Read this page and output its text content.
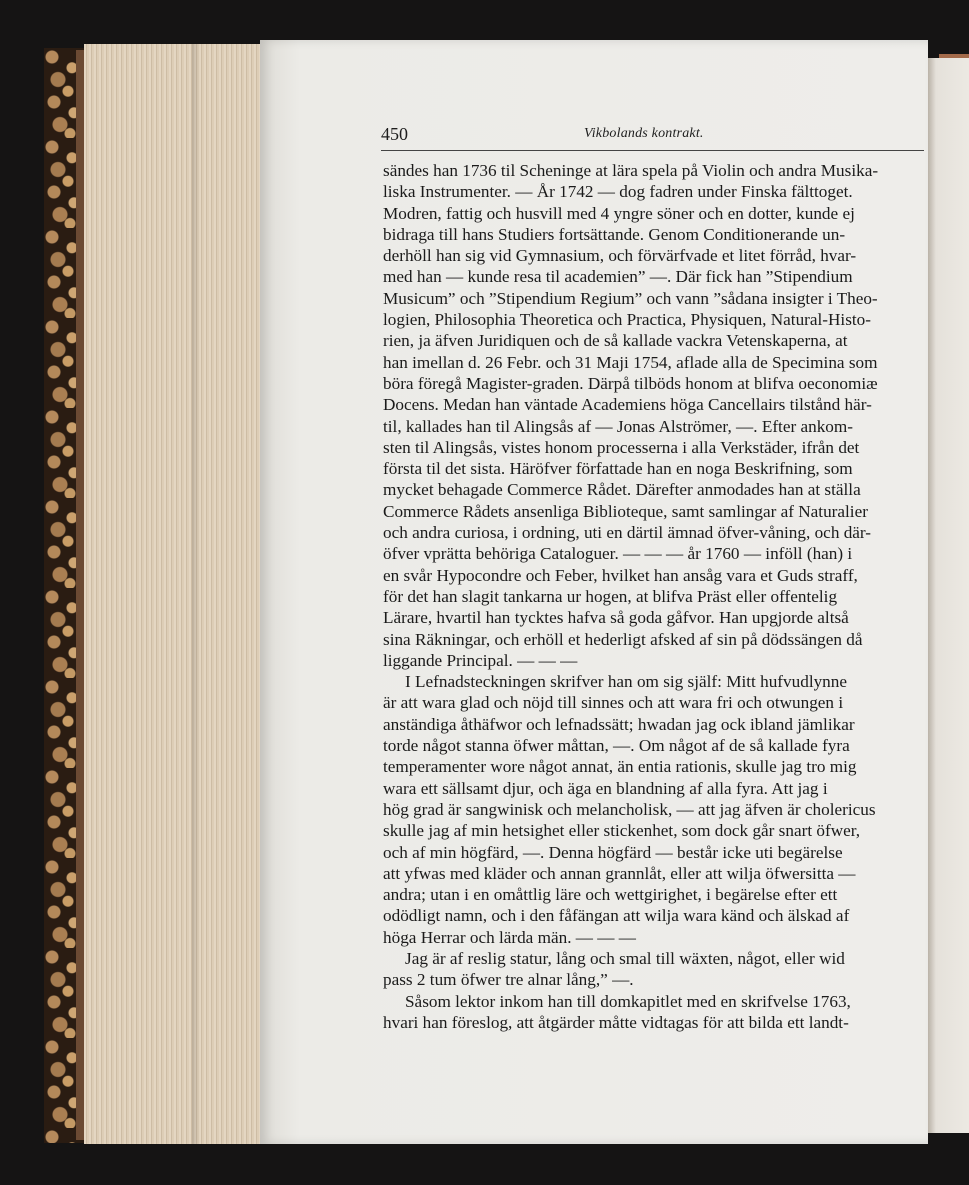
450	Vikbolands kontrakt.
sändes han 1736 til Scheninge at lära spela på Violin och andra Musika-
liska Instrumenter. — År 1742 — dog fadren under Finska fälttoget.
Modren, fattig och husvill med 4 yngre söner och en dotter, kunde ej
bidraga till hans Studiers fortsättande. Genom Conditionerande un-
derhöll han sig vid Gymnasium, och förvärfvade et litet förråd, hvar-
med han — kunde resa til academien” —. Där fick han ”Stipendium
Musicum” och ”Stipendium Regium” och vann ”sådana insigter i Theo-
logien, Philosophia Theoretica och Practica, Physiquen, Natural-Histo-
rien, ja äfven Juridiquen och de så kallade vackra Vetenskaperna, at
han imellan d. 26 Febr. och 31 Maji 1754, aflade alla de Specimina som
böra föregå Magister-graden. Därpå tilböds honom at blifva oeconomiæ
Docens. Medan han väntade Academiens höga Cancellairs tilstånd här-
til, kallades han til Alingsås af — Jonas Alströmer, —. Efter ankom-
sten til Alingsås, vistes honom processerna i alla Verkstäder, ifrån det
första til det sista. Häröfver författade han en noga Beskrifning, som
mycket behagade Commerce Rådet. Därefter anmodades han at ställa
Commerce Rådets ansenliga Biblioteque, samt samlingar af Naturalier
och andra curiosa, i ordning, uti en därtil ämnad öfver-våning, och där-
öfver vprätta behöriga Cataloguer. — — — år 1760 — inföll (han) i
en svår Hypocondre och Feber, hvilket han ansåg vara et Guds straff,
för det han slagit tankarna ur hogen, at blifva Präst eller offentelig
Lärare, hvartil han tycktes hafva så goda gåfvor. Han upgjorde altså
sina Räkningar, och erhöll et hederligt afsked af sin på dödssängen då
liggande Principal. — — —
I Lefnadsteckningen skrifver han om sig själf: Mitt hufvudlynne
är att wara glad och nöjd till sinnes och att wara fri och otwungen i
anständiga åthäfwor och lefnadssätt; hwadan jag ock ibland jämlikar
torde något stanna öfwer måttan, —. Om något af de så kallade fyra
temperamenter wore något annat, än entia rationis, skulle jag tro mig
wara ett sällsamt djur, och äga en blandning af alla fyra. Att jag i
hög grad är sangwinisk och melancholisk, — att jag äfven är cholericus
skulle jag af min hetsighet eller stickenhet, som dock går snart öfwer,
och af min högfärd, —. Denna högfärd — består icke uti begärelse
att yfwas med kläder och annan grannlåt, eller att wilja öfwersitta —
andra; utan i en omåttlig läre och wettgirighet, i begärelse efter ett
odödligt namn, och i den fåfängan att wilja wara känd och älskad af
höga Herrar och lärda män. — — —
Jag är af reslig statur, lång och smal till wäxten, något, eller wid
pass 2 tum öfwer tre alnar lång,” —.
Såsom lektor inkom han till domkapitlet med en skrifvelse 1763,
hvari han föreslog, att åtgärder måtte vidtagas för att bilda ett landt-
